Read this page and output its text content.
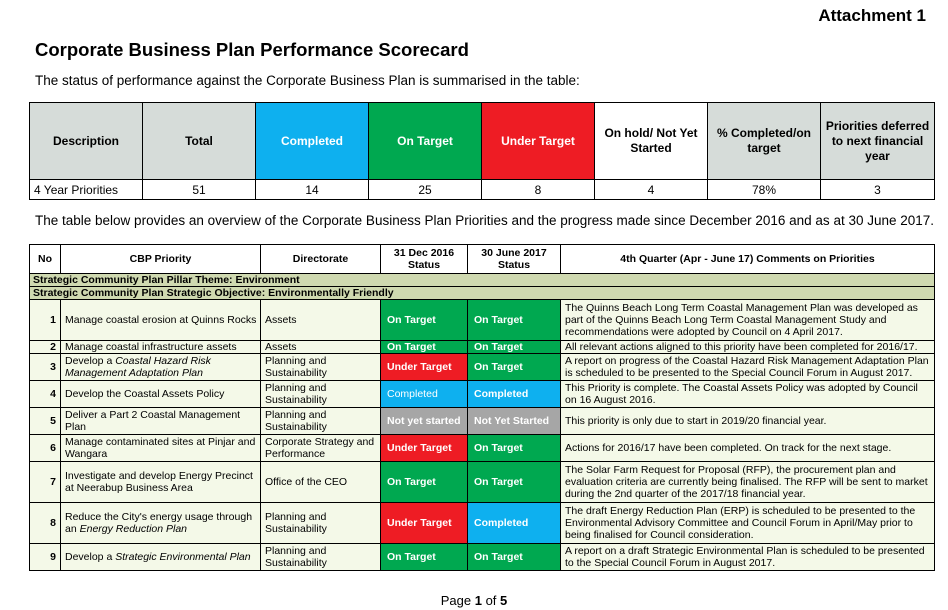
Attachment 1
Corporate Business Plan Performance Scorecard

The status of performance against the Corporate Business Plan is summarised in the table:

Description	Total	Completed	On Target	Under Target	On hold/ Not Yet Started	% Completed/on target	Priorities deferred to next financial year
4 Year Priorities	51	14	25	8	4	78%	3

The table below provides an overview of the Corporate Business Plan Priorities and the progress made since December 2016 and as at 30 June 2017.

No	CBP Priority	Directorate	31 Dec 2016 Status	30 June 2017 Status	4th Quarter (Apr - June 17) Comments on Priorities
Strategic Community Plan Pillar Theme: Environment					
Strategic Community Plan Strategic Objective: Environmentally Friendly					
1	Manage coastal erosion at Quinns Rocks	Assets	On Target	On Target	The Quinns Beach Long Term Coastal Management Plan was developed as part of the Quinns Beach Long Term Coastal Management Study and recommendations were adopted by Council on 4 April 2017.
2	Manage coastal infrastructure assets	Assets	On Target	On Target	All relevant actions aligned to this priority have been completed for 2016/17.
3	Develop a Coastal Hazard Risk Management Adaptation Plan	Planning and Sustainability	Under Target	On Target	A report on progress of the Coastal Hazard Risk Management Adaptation Plan is scheduled to be presented to the Special Council Forum in August 2017.
4	Develop the Coastal Assets Policy	Planning and Sustainability	Completed	Completed	This Priority is complete. The Coastal Assets Policy was adopted by Council on 16 August 2016.
5	Deliver a Part 2 Coastal Management Plan	Planning and Sustainability	Not yet started	Not Yet Started	This priority is only due to start in 2019/20 financial year.
6	Manage contaminated sites at Pinjar and Wangara	Corporate Strategy and Performance	Under Target	On Target	Actions for 2016/17 have been completed. On track for the next stage.
7	Investigate and develop Energy Precinct at Neerabup Business Area	Office of the CEO	On Target	On Target	The Solar Farm Request for Proposal (RFP), the procurement plan and evaluation criteria are currently being finalised. The RFP will be sent to market during the 2nd quarter of the 2017/18 financial year.
8	Reduce the City's energy usage through an Energy Reduction Plan	Planning and Sustainability	Under Target	Completed	The draft Energy Reduction Plan (ERP) is scheduled to be presented to the Environmental Advisory Committee and Council Forum in April/May prior to being finalised for Council consideration.
9	Develop a Strategic Environmental Plan	Planning and Sustainability	On Target	On Target	A report on a draft Strategic Environmental Plan is scheduled to be presented to the Special Council Forum in August 2017.
Page 1 of 5
